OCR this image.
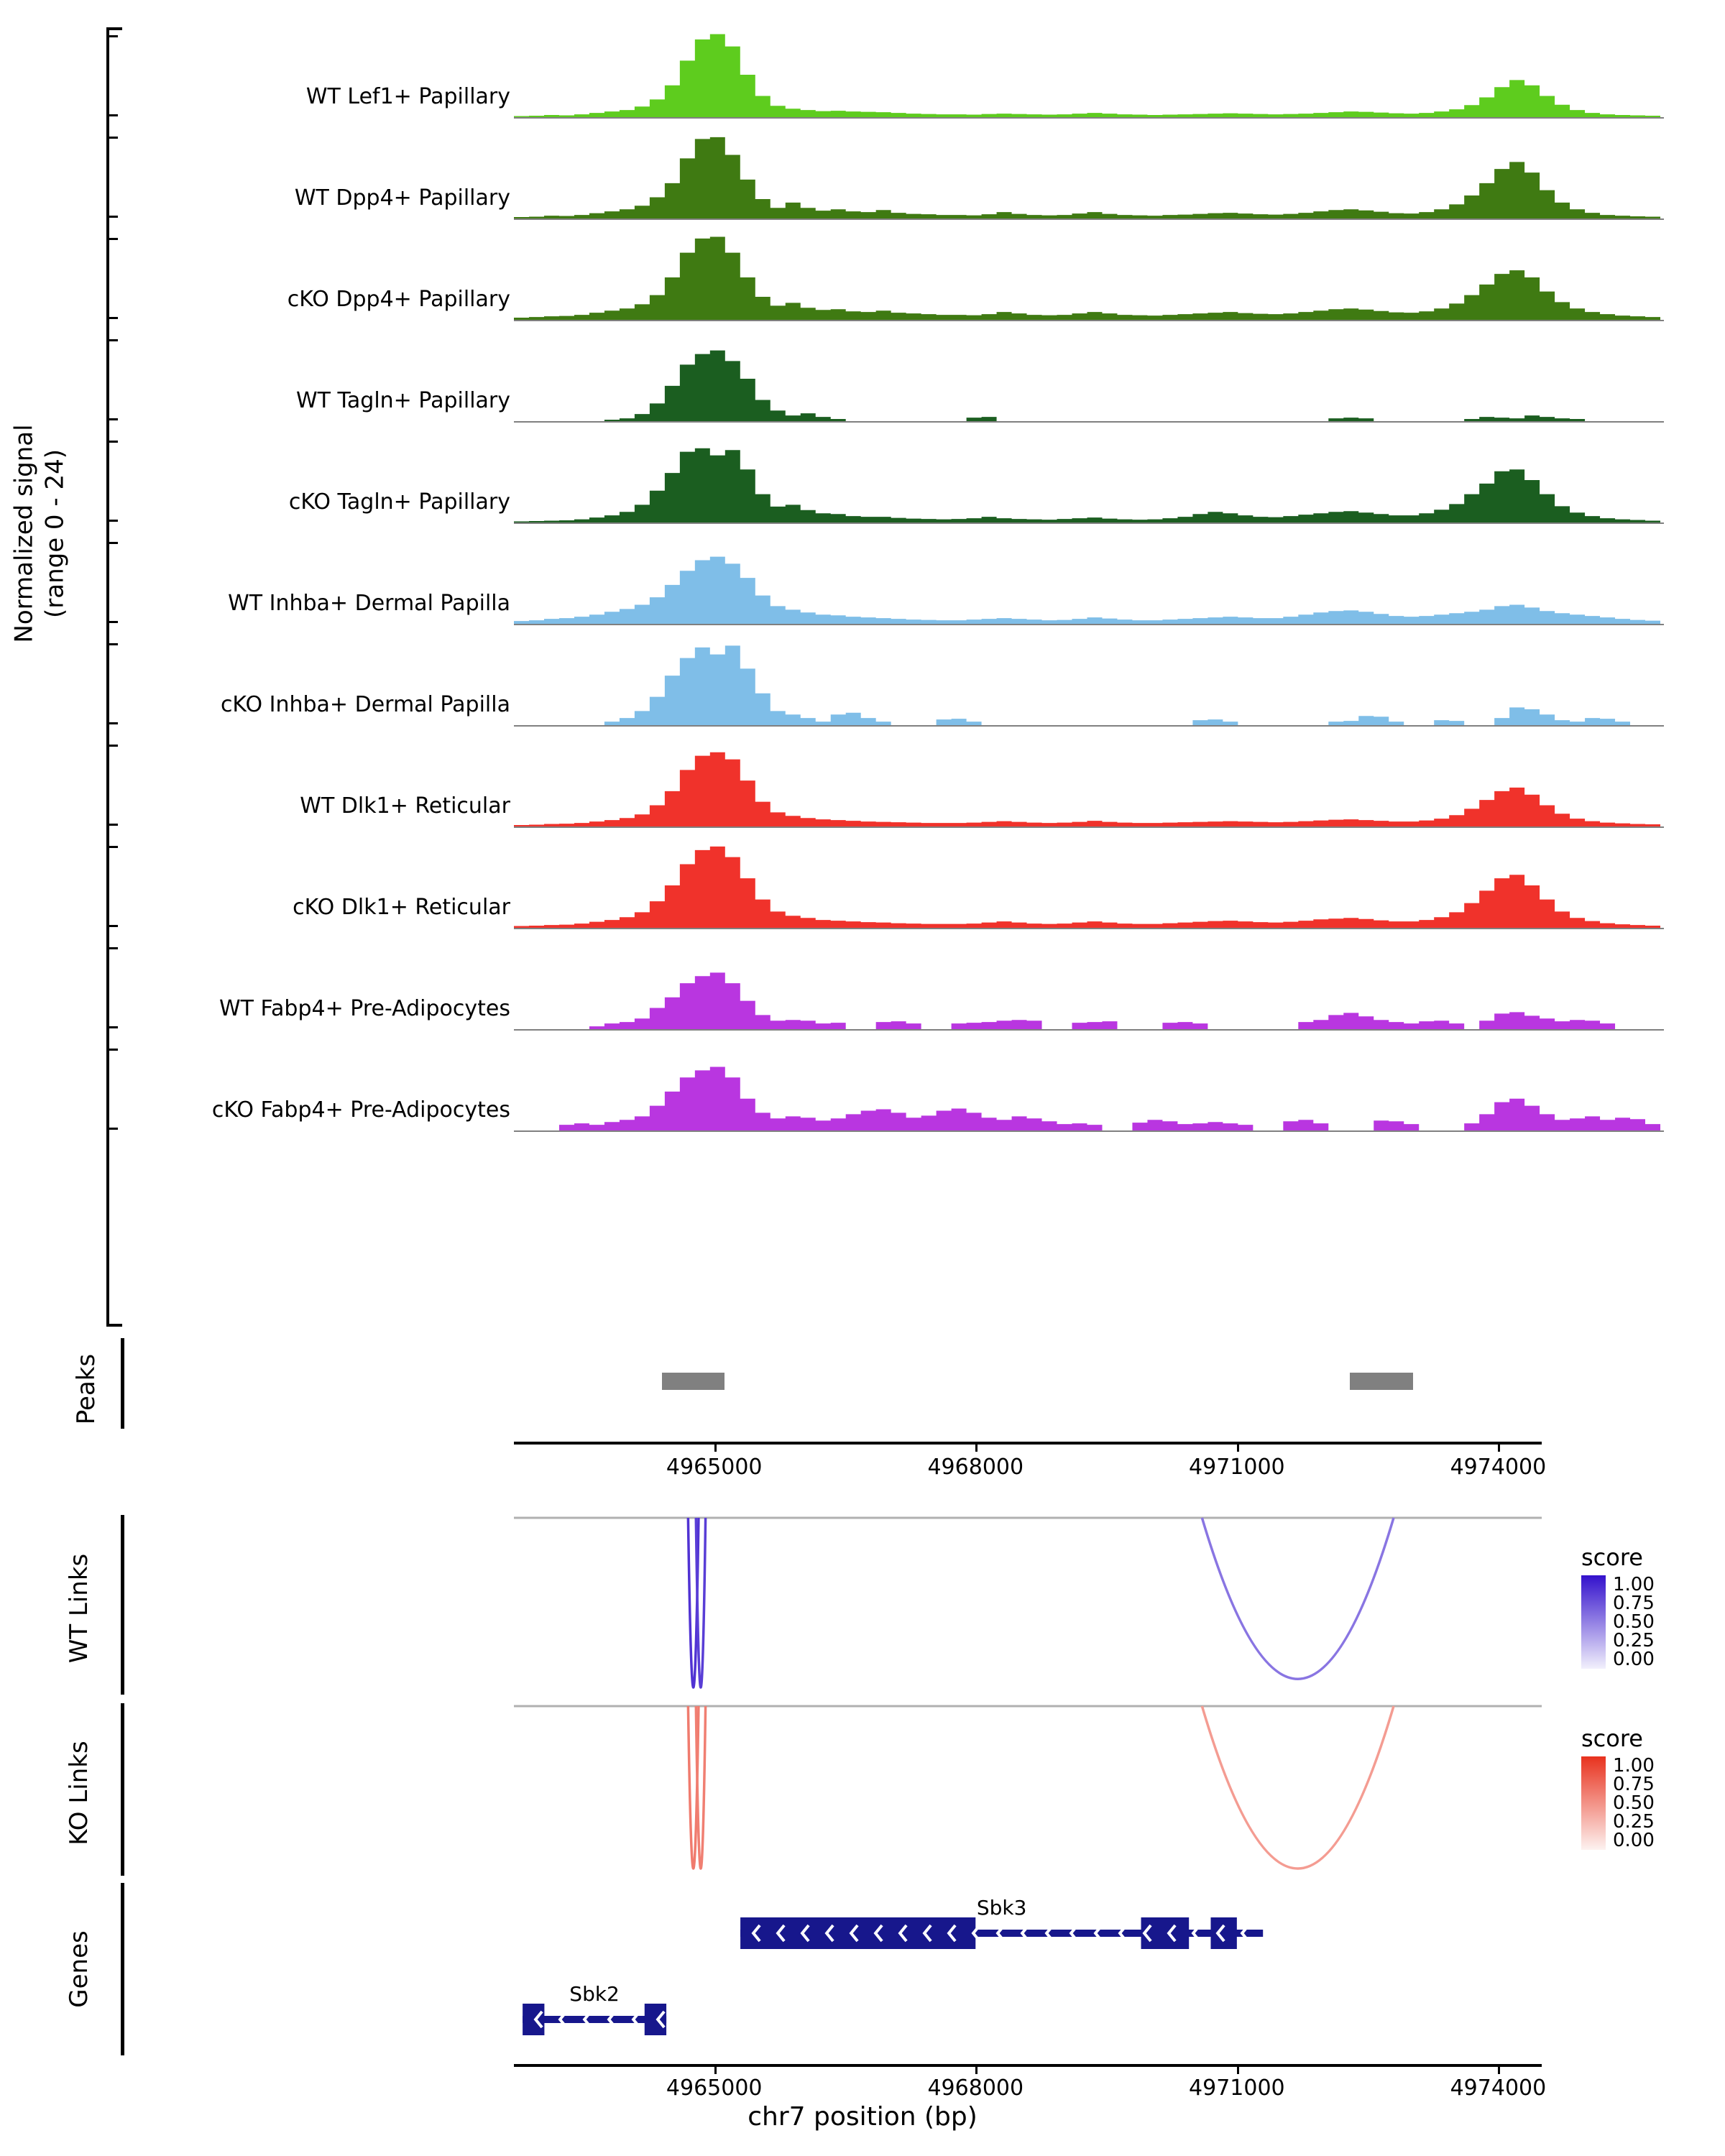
Normalized signal
(range 0 - 24)
WT Lef1+ Papillary
WT Dpp4+ Papillary
cKO Dpp4+ Papillary
WT Tagln+ Papillary
cKO Tagln+ Papillary
WT Inhba+ Dermal Papilla
cKO Inhba+ Dermal Papilla
WT Dlk1+ Reticular
cKO Dlk1+ Reticular
WT Fabp4+ Pre-Adipocytes
cKO Fabp4+ Pre-Adipocytes
Peaks
4965000	4968000	4971000	4974000
WT Links	score
1.00
0.75
0.50
0.25
0.00
KO Links
score
1.00
0.75
0.50
0.25
0.00
Genes
4965000	4968000	4971000	4974000
chr7 position (bp)
Sbk3
Sbk2
